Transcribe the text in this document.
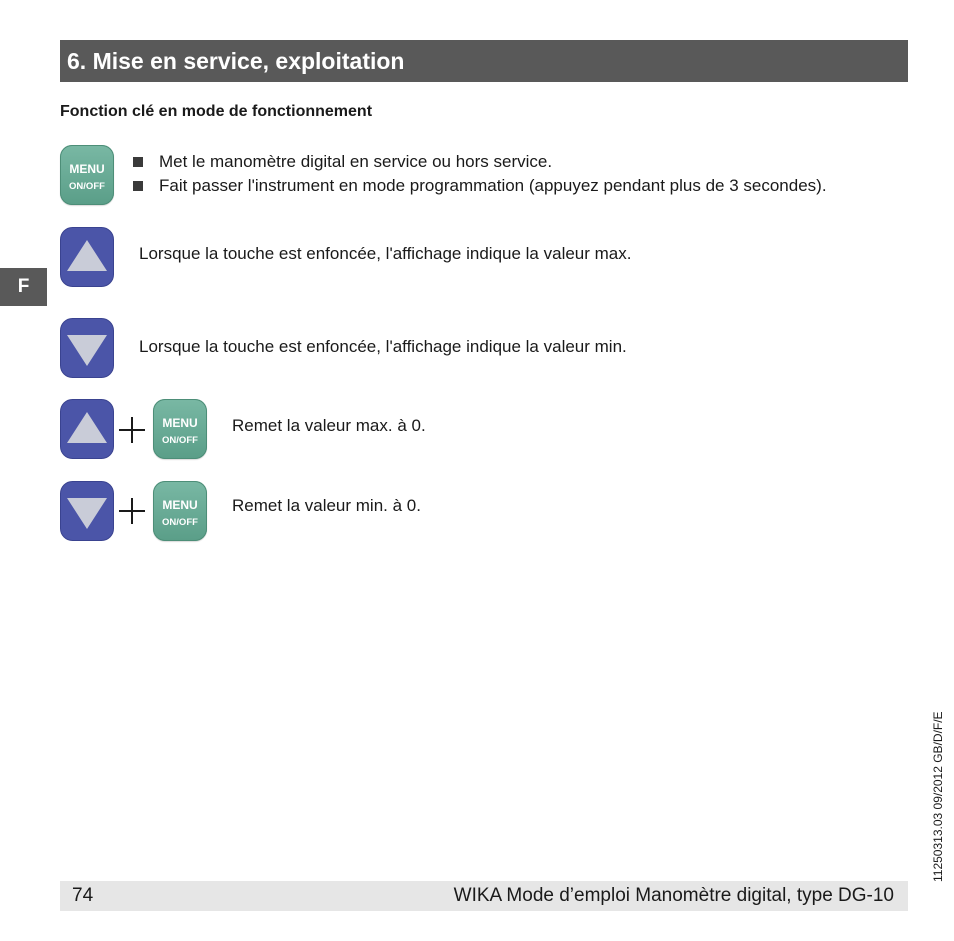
6. Mise en service, exploitation
Fonction clé en mode de fonctionnement
F
MENU
ON/OFF
Met le manomètre digital en service ou hors service.
Fait passer l'instrument en mode programmation (appuyez pendant plus de 3 secondes).
Lorsque la touche est enfoncée, l'affichage indique la valeur max.
Lorsque la touche est enfoncée, l'affichage indique la valeur min.
MENU
ON/OFF
Remet la valeur max. à 0.
MENU
ON/OFF
Remet la valeur min. à 0.
11250313.03 09/2012 GB/D/F/E
74	WIKA Mode d’emploi Manomètre digital, type DG-10
